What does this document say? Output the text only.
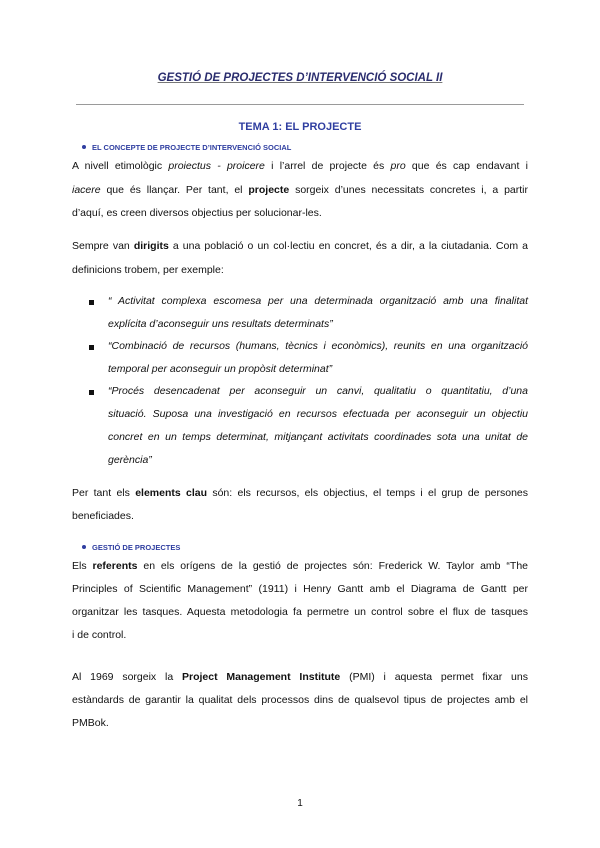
GESTIÓ DE PROJECTES D’INTERVENCIÓ SOCIAL II
TEMA 1: EL PROJECTE
EL CONCEPTE DE PROJECTE D’INTERVENCIÓ SOCIAL
A nivell etimològic proiectus - proicere i l’arrel de projecte és pro que és cap endavant i
iacere que és llançar. Per tant, el projecte sorgeix d’unes necessitats concretes i, a partir
d’aquí, es creen diversos objectius per solucionar-les.
Sempre van dirigits a una població o un col·lectiu en concret, és a dir, a la ciutadania. Com a
definicions trobem, per exemple:
“ Activitat complexa escomesa per una determinada organització amb una finalitat
explícita d’aconseguir uns resultats determinats”
“Combinació de recursos (humans, tècnics i econòmics), reunits en una organització
temporal per aconseguir un propòsit determinat”
“Procés desencadenat per aconseguir un canvi, qualitatiu o quantitatiu, d’una
situació. Suposa una investigació en recursos efectuada per aconseguir un objectiu
concret en un temps determinat, mitjançant activitats coordinades sota una unitat de
gerència”
Per tant els elements clau són: els recursos, els objectius, el temps i el grup de persones
beneficiades.
GESTIÓ DE PROJECTES
Els referents en els orígens de la gestió de projectes són: Frederick W. Taylor amb “The
Principles of Scientific Management” (1911) i Henry Gantt amb el Diagrama de Gantt per
organitzar les tasques. Aquesta metodologia fa permetre un control sobre el flux de tasques
i de control.
Al 1969 sorgeix la Project Management Institute (PMI) i aquesta permet fixar uns
estàndards de garantir la qualitat dels processos dins de qualsevol tipus de projectes amb el
PMBok.
1
